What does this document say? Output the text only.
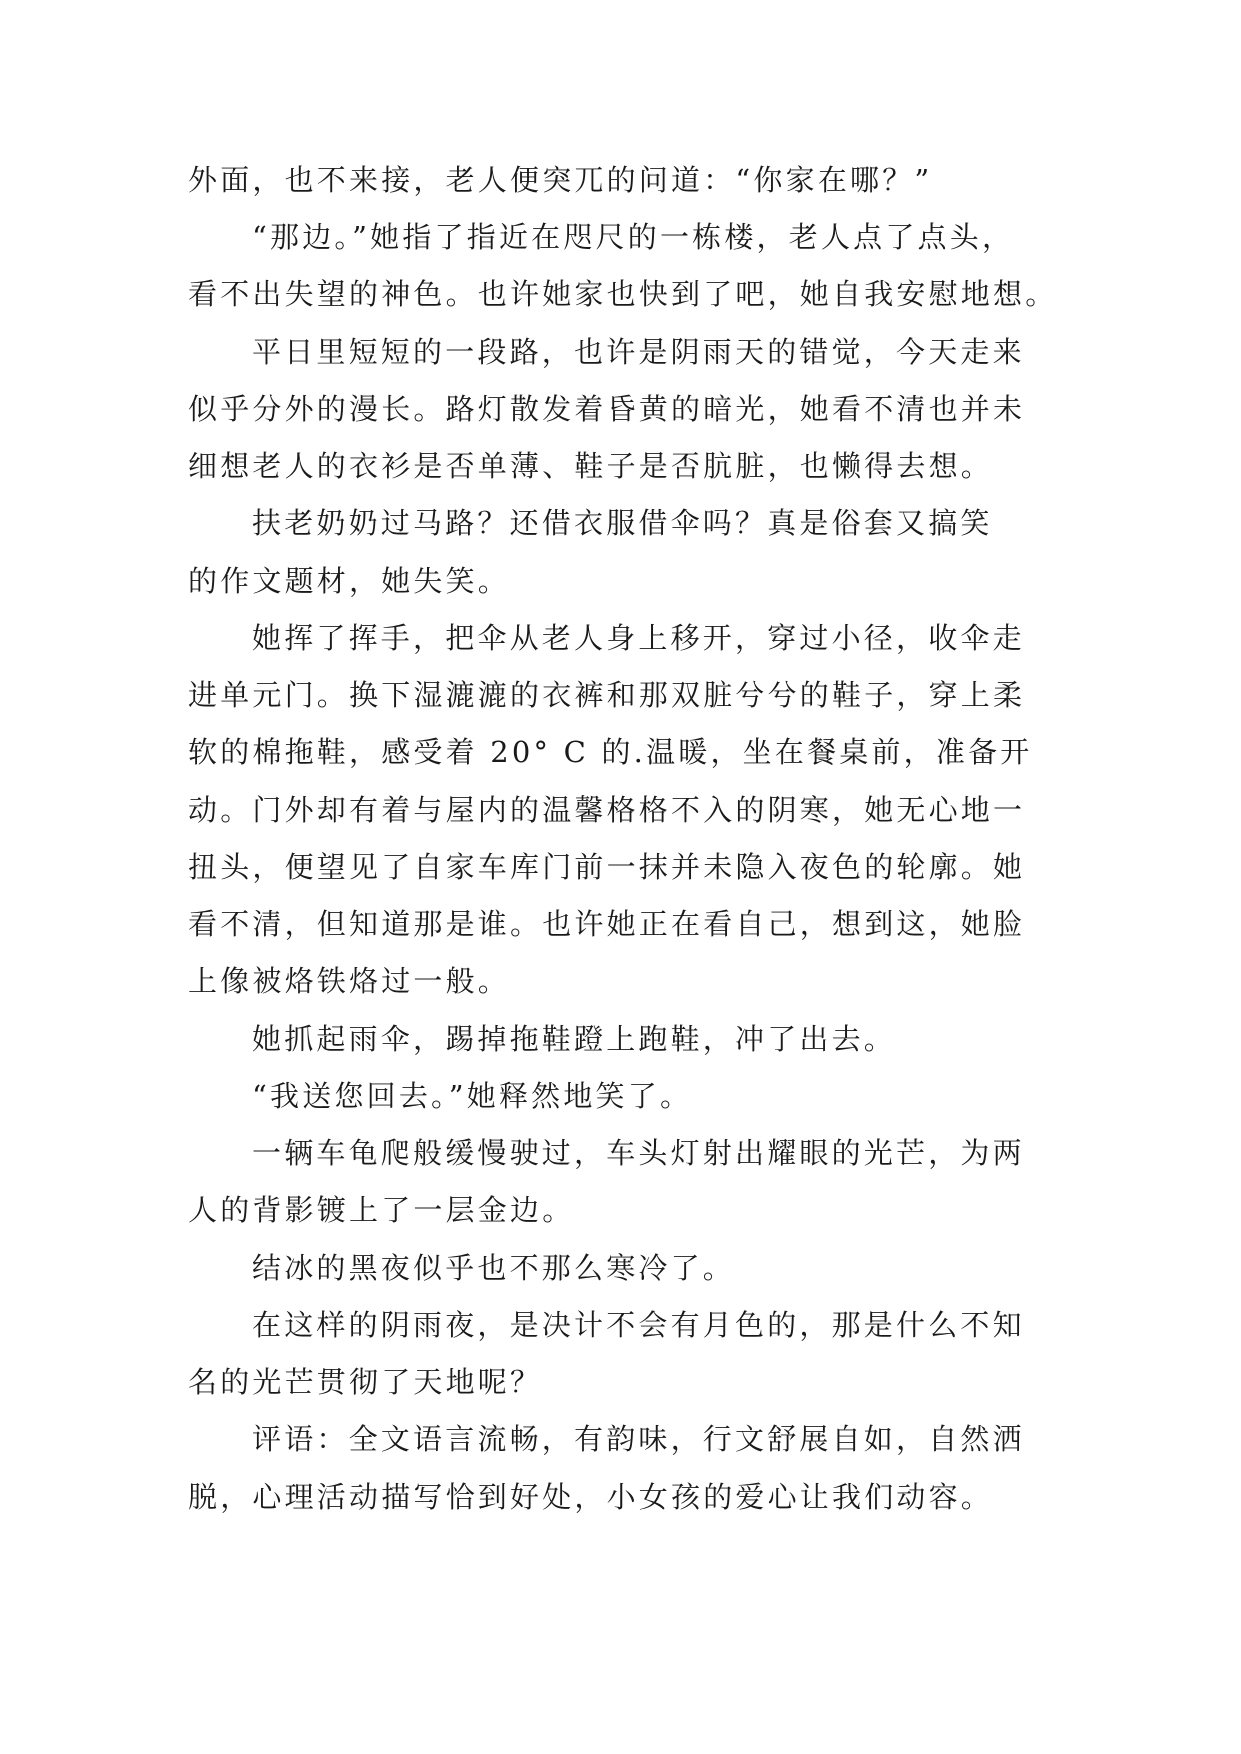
外面，也不来接，老人便突兀的问道：“你家在哪？”
“那边。”她指了指近在咫尺的一栋楼，老人点了点头，
看不出失望的神色。也许她家也快到了吧，她自我安慰地想。
平日里短短的一段路，也许是阴雨天的错觉，今天走来
似乎分外的漫长。路灯散发着昏黄的暗光，她看不清也并未
细想老人的衣衫是否单薄、鞋子是否肮脏，也懒得去想。
扶老奶奶过马路？还借衣服借伞吗？真是俗套又搞笑
的作文题材，她失笑。
她挥了挥手，把伞从老人身上移开，穿过小径，收伞走
进单元门。换下湿漉漉的衣裤和那双脏兮兮的鞋子，穿上柔
软的棉拖鞋，感受着 20° C 的.温暖，坐在餐桌前，准备开
动。门外却有着与屋内的温馨格格不入的阴寒，她无心地一
扭头，便望见了自家车库门前一抹并未隐入夜色的轮廓。她
看不清，但知道那是谁。也许她正在看自己，想到这，她脸
上像被烙铁烙过一般。
她抓起雨伞，踢掉拖鞋蹬上跑鞋，冲了出去。
“我送您回去。”她释然地笑了。
一辆车龟爬般缓慢驶过，车头灯射出耀眼的光芒，为两
人的背影镀上了一层金边。
结冰的黑夜似乎也不那么寒冷了。
在这样的阴雨夜，是决计不会有月色的，那是什么不知
名的光芒贯彻了天地呢？
评语：全文语言流畅，有韵味，行文舒展自如，自然洒
脱，心理活动描写恰到好处，小女孩的爱心让我们动容。
